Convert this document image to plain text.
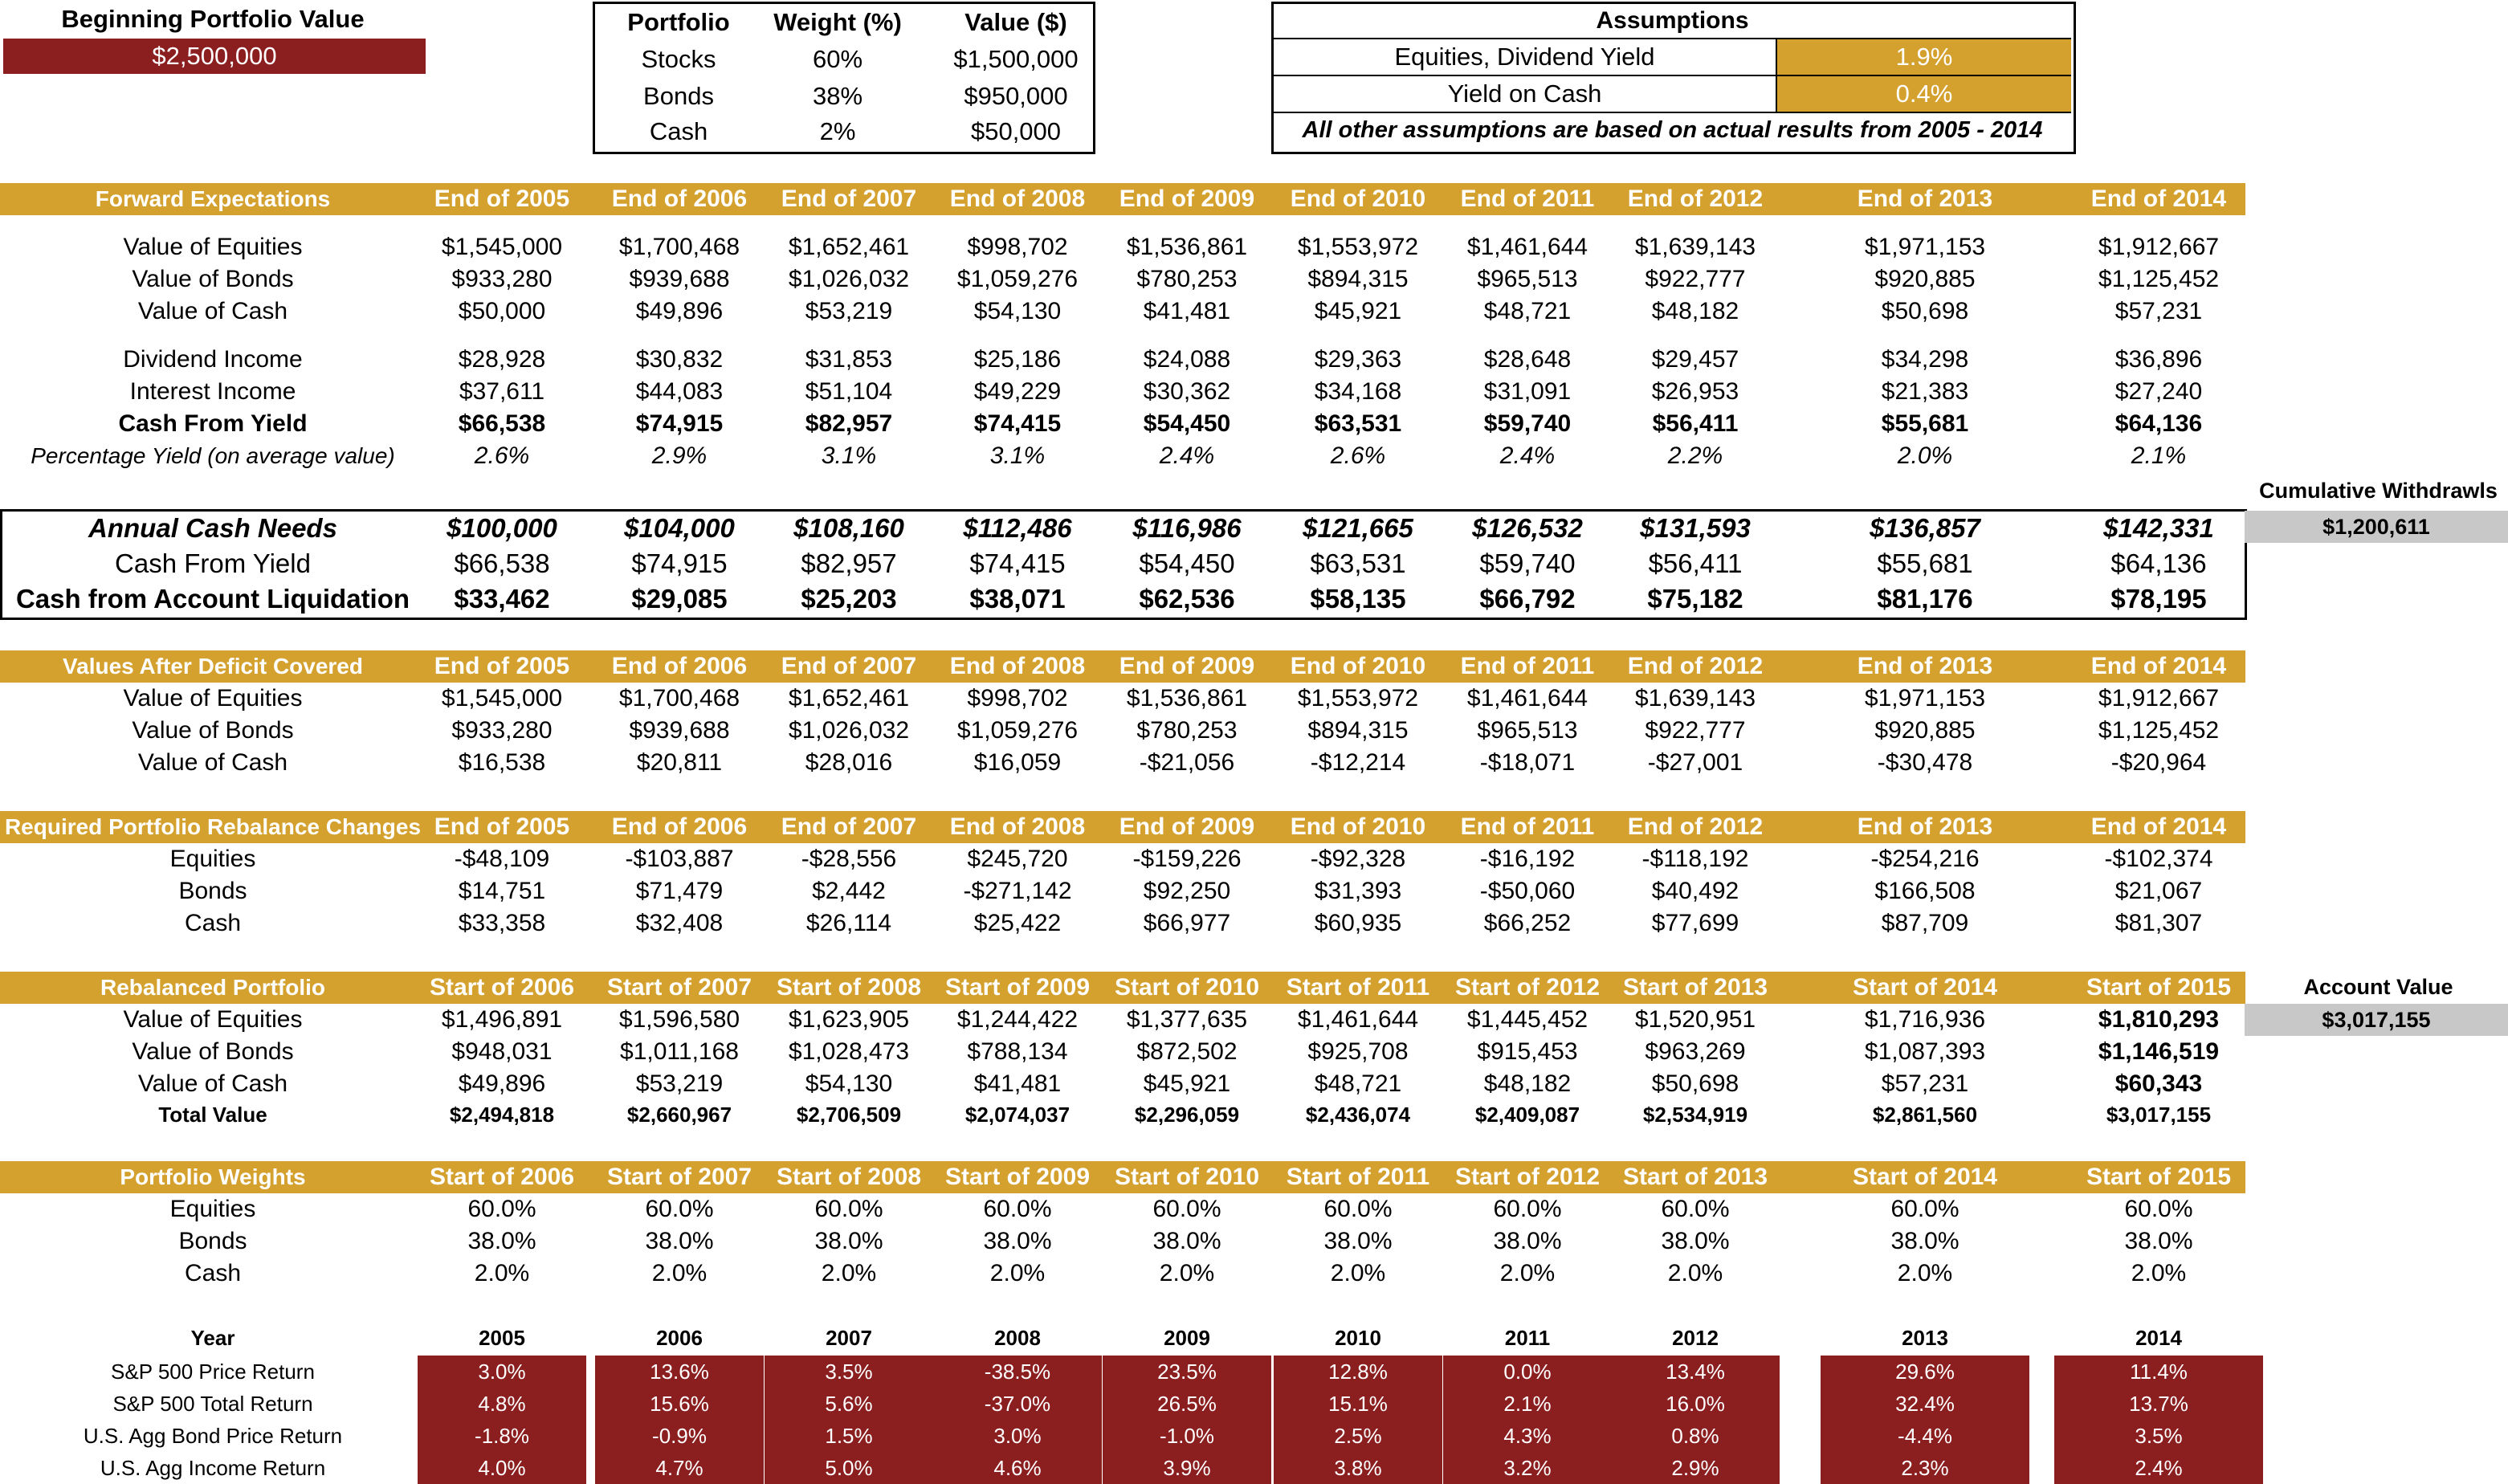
Beginning Portfolio Value
$2,500,000
Portfolio	Weight (%)	Value ($)
Stocks	60%	$1,500,000
Bonds	38%	$950,000
Cash	2%	$50,000
Assumptions
Equities, Dividend Yield	1.9%
Yield on Cash	0.4%
All other assumptions are based on actual results from 2005 - 2014
Cumulative Withdrawls
$1,200,611
Account Value
$3,017,155
Forward Expectations	End of 2005	End of 2006	End of 2007	End of 2008	End of 2009	End of 2010	End of 2011	End of 2012	End of 2013	End of 2014
Value of Equities	$1,545,000	$1,700,468	$1,652,461	$998,702	$1,536,861	$1,553,972	$1,461,644	$1,639,143	$1,971,153	$1,912,667
Value of Bonds	$933,280	$939,688	$1,026,032	$1,059,276	$780,253	$894,315	$965,513	$922,777	$920,885	$1,125,452
Value of Cash	$50,000	$49,896	$53,219	$54,130	$41,481	$45,921	$48,721	$48,182	$50,698	$57,231
Dividend Income	$28,928	$30,832	$31,853	$25,186	$24,088	$29,363	$28,648	$29,457	$34,298	$36,896
Interest Income	$37,611	$44,083	$51,104	$49,229	$30,362	$34,168	$31,091	$26,953	$21,383	$27,240
Cash From Yield	$66,538	$74,915	$82,957	$74,415	$54,450	$63,531	$59,740	$56,411	$55,681	$64,136
Percentage Yield (on average value)	2.6%	2.9%	3.1%	3.1%	2.4%	2.6%	2.4%	2.2%	2.0%	2.1%
Annual Cash Needs	$100,000	$104,000	$108,160	$112,486	$116,986	$121,665	$126,532	$131,593	$136,857	$142,331
Cash From Yield	$66,538	$74,915	$82,957	$74,415	$54,450	$63,531	$59,740	$56,411	$55,681	$64,136
Cash from Account Liquidation	$33,462	$29,085	$25,203	$38,071	$62,536	$58,135	$66,792	$75,182	$81,176	$78,195
Values After Deficit Covered	End of 2005	End of 2006	End of 2007	End of 2008	End of 2009	End of 2010	End of 2011	End of 2012	End of 2013	End of 2014
Value of Equities	$1,545,000	$1,700,468	$1,652,461	$998,702	$1,536,861	$1,553,972	$1,461,644	$1,639,143	$1,971,153	$1,912,667
Value of Bonds	$933,280	$939,688	$1,026,032	$1,059,276	$780,253	$894,315	$965,513	$922,777	$920,885	$1,125,452
Value of Cash	$16,538	$20,811	$28,016	$16,059	-$21,056	-$12,214	-$18,071	-$27,001	-$30,478	-$20,964
Required Portfolio Rebalance Changes End of 2005	End of 2006	End of 2007	End of 2008	End of 2009	End of 2010	End of 2011	End of 2012	End of 2013	End of 2014
Equities	-$48,109	-$103,887	-$28,556	$245,720	-$159,226	-$92,328	-$16,192	-$118,192	-$254,216	-$102,374
Bonds	$14,751	$71,479	$2,442	-$271,142	$92,250	$31,393	-$50,060	$40,492	$166,508	$21,067
Cash	$33,358	$32,408	$26,114	$25,422	$66,977	$60,935	$66,252	$77,699	$87,709	$81,307
Rebalanced Portfolio	Start of 2006	Start of 2007	Start of 2008 Start of 2009	Start of 2010	Start of 2011	Start of 2012 Start of 2013	Start of 2014	Start of 2015
Value of Equities	$1,496,891	$1,596,580	$1,623,905	$1,244,422	$1,377,635	$1,461,644	$1,445,452	$1,520,951	$1,716,936	$1,810,293
Value of Bonds	$948,031	$1,011,168	$1,028,473	$788,134	$872,502	$925,708	$915,453	$963,269	$1,087,393	$1,146,519
Value of Cash	$49,896	$53,219	$54,130	$41,481	$45,921	$48,721	$48,182	$50,698	$57,231	$60,343
Total Value	$2,494,818	$2,660,967	$2,706,509	$2,074,037	$2,296,059	$2,436,074	$2,409,087	$2,534,919	$2,861,560	$3,017,155
Portfolio Weights	Start of 2006	Start of 2007	Start of 2008 Start of 2009	Start of 2010	Start of 2011	Start of 2012 Start of 2013	Start of 2014	Start of 2015
Equities	60.0%	60.0%	60.0%	60.0%	60.0%	60.0%	60.0%	60.0%	60.0%	60.0%
Bonds	38.0%	38.0%	38.0%	38.0%	38.0%	38.0%	38.0%	38.0%	38.0%	38.0%
Cash	2.0%	2.0%	2.0%	2.0%	2.0%	2.0%	2.0%	2.0%	2.0%	2.0%
Year	2005	2006	2007	2008	2009	2010	2011	2012	2013	2014
S&P 500 Price Return	3.0%	13.6%	3.5%	-38.5%	23.5%	12.8%	0.0%	13.4%	29.6%	11.4%
S&P 500 Total Return	4.8%	15.6%	5.6%	-37.0%	26.5%	15.1%	2.1%	16.0%	32.4%	13.7%
U.S. Agg Bond Price Return	-1.8%	-0.9%	1.5%	3.0%	-1.0%	2.5%	4.3%	0.8%	-4.4%	3.5%
U.S. Agg Income Return	4.0%	4.7%	5.0%	4.6%	3.9%	3.8%	3.2%	2.9%	2.3%	2.4%
